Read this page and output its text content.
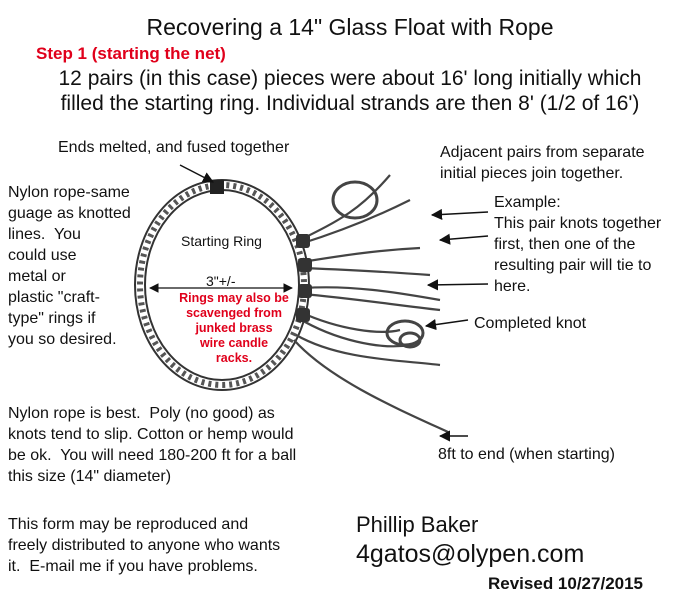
Recovering a 14" Glass Float with Rope
Step 1 (starting the net)
12 pairs (in this case) pieces were about 16' long initially which
filled the starting ring. Individual strands are then 8' (1/2 of 16')
Ends melted, and fused together
Nylon rope-same
guage as knotted
lines.  You
could use
metal or
plastic "craft-
type" rings if
you so desired.
Starting Ring
3"+/-
Rings may also be
scavenged from
junked brass
wire candle
racks.
Adjacent pairs from separate
initial pieces join together.
Example:
This pair knots together
first, then one of the
resulting pair will tie to
here.
Completed knot
Nylon rope is best.  Poly (no good) as
knots tend to slip. Cotton or hemp would
be ok.  You will need 180-200 ft for a ball
this size (14" diameter)
8ft to end (when starting)
This form may be reproduced and
freely distributed to anyone who wants
it.  E-mail me if you have problems.
Phillip Baker
4gatos@olypen.com
Revised 10/27/2015
